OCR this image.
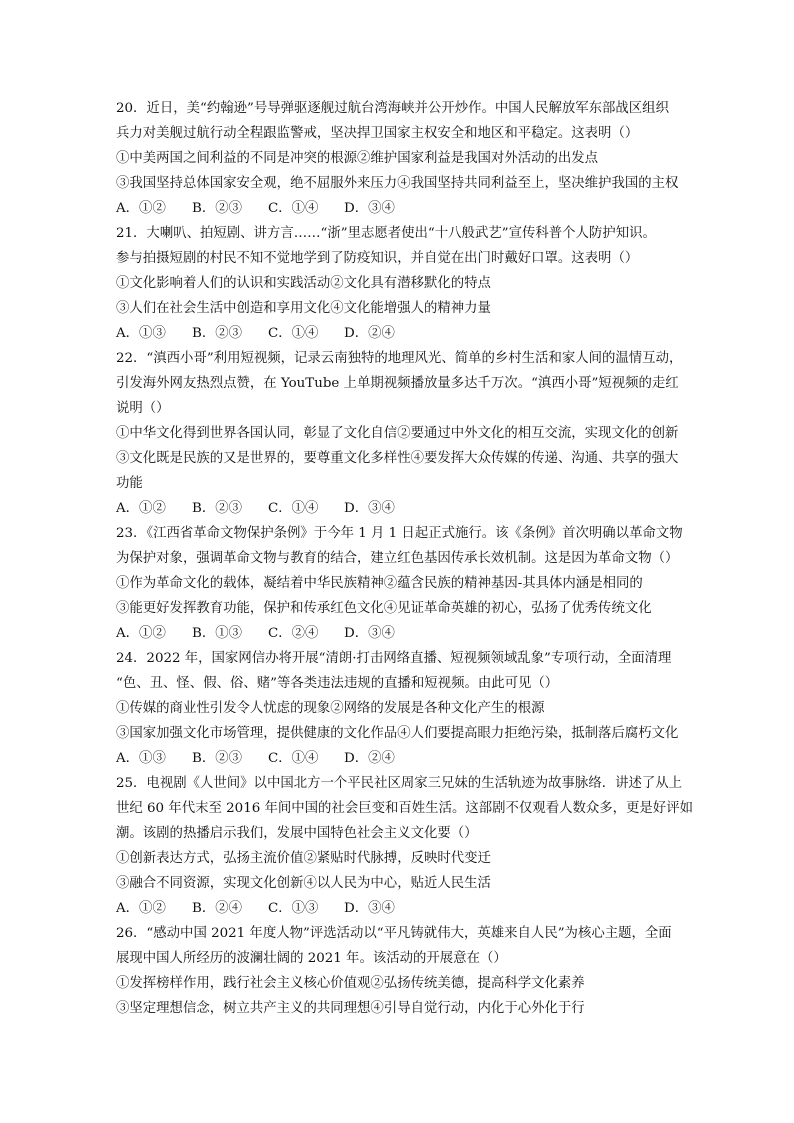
20．近日，美“约翰逊”号导弹驱逐舰过航台湾海峡并公开炒作。中国人民解放军东部战区组织
兵力对美舰过航行动全程跟监警戒，坚决捍卫国家主权安全和地区和平稳定。这表明（）
①中美两国之间利益的不同是冲突的根源②维护国家利益是我国对外活动的出发点
③我国坚持总体国家安全观，绝不屈服外来压力④我国坚持共同利益至上，坚决维护我国的主权
A．①② B．②③ C．①④ D．③④
21．大喇叭、拍短剧、讲方言……“浙”里志愿者使出“十八般武艺”宣传科普个人防护知识。
参与拍摄短剧的村民不知不觉地学到了防疫知识，并自觉在出门时戴好口罩。这表明（）
①文化影响着人们的认识和实践活动②文化具有潜移默化的特点
③人们在社会生活中创造和享用文化④文化能增强人的精神力量
A．①③ B．②③ C．①④ D．②④
22．“滇西小哥”利用短视频，记录云南独特的地理风光、简单的乡村生活和家人间的温情互动，
引发海外网友热烈点赞，在 YouTube 上单期视频播放量多达千万次。“滇西小哥”短视频的走红
说明（）
①中华文化得到世界各国认同，彰显了文化自信②要通过中外文化的相互交流，实现文化的创新
③文化既是民族的又是世界的，要尊重文化多样性④要发挥大众传媒的传递、沟通、共享的强大
功能
A．①② B．②③ C．①④ D．③④
23．《江西省革命文物保护条例》于今年 1 月 1 日起正式施行。该《条例》首次明确以革命文物
为保护对象，强调革命文物与教育的结合，建立红色基因传承长效机制。这是因为革命文物（）
①作为革命文化的载体，凝结着中华民族精神②蕴含民族的精神基因-其具体内涵是相同的
③能更好发挥教育功能，保护和传承红色文化④见证革命英雄的初心，弘扬了优秀传统文化
A．①② B．①③ C．②④ D．③④
24．2022 年，国家网信办将开展“清朗·打击网络直播、短视频领域乱象”专项行动，全面清理
“色、丑、怪、假、俗、赌”等各类违法违规的直播和短视频。由此可见（）
①传媒的商业性引发令人忧虑的现象②网络的发展是各种文化产生的根源
③国家加强文化市场管理，提供健康的文化作品④人们要提高眼力拒绝污染，抵制落后腐朽文化
A．①③ B．②③ C．①④ D．②④
25．电视剧《人世间》以中国北方一个平民社区周家三兄妹的生活轨迹为故事脉络．讲述了从上
世纪 60 年代末至 2016 年间中国的社会巨变和百姓生活。这部剧不仅观看人数众多，更是好评如
潮。该剧的热播启示我们，发展中国特色社会主义文化要（）
①创新表达方式，弘扬主流价值②紧贴时代脉搏，反映时代变迁
③融合不同资源，实现文化创新④以人民为中心，贴近人民生活
A．①② B．②④ C．①③ D．③④
26．“感动中国 2021 年度人物”评选活动以“平凡铸就伟大，英雄来自人民”为核心主题，全面
展现中国人所经历的波澜壮阔的 2021 年。该活动的开展意在（）
①发挥榜样作用，践行社会主义核心价值观②弘扬传统美德，提高科学文化素养
③坚定理想信念，树立共产主义的共同理想④引导自觉行动，内化于心外化于行
